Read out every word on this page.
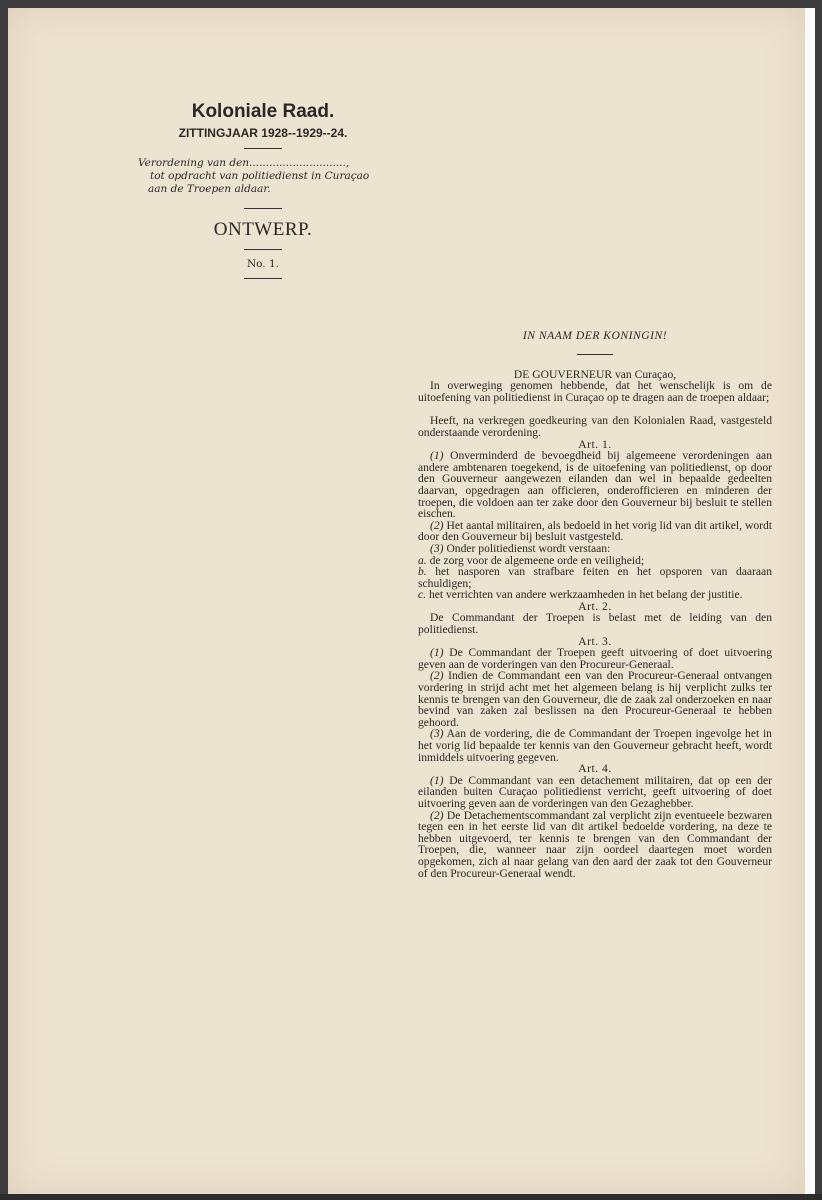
Koloniale Raad.
ZITTINGJAAR 1928--1929--24.
Verordening van den.............................,
tot opdracht van politiedienst in Curaçao
aan de Troepen aldaar.
ONTWERP.
No. 1.

IN NAAM DER KONINGIN!

DE GOUVERNEUR van Curaçao,

In overweging genomen hebbende, dat het wenschelijk is om de uitoefening van politiedienst in Curaçao op te dragen aan de troepen aldaar;

Heeft, na verkregen goedkeuring van den Kolonialen Raad, vastgesteld onderstaande verordening.

Art. 1.

(1) Onverminderd de bevoegdheid bij algemeene verordeningen aan andere ambtenaren toegekend, is de uitoefening van politiedienst, op door den Gouverneur aangewezen eilanden dan wel in bepaalde gedeelten daarvan, opgedragen aan officieren, onderofficieren en minderen der troepen, die voldoen aan ter zake door den Gouverneur bij besluit te stellen eischen.

(2) Het aantal militairen, als bedoeld in het vorig lid van dit artikel, wordt door den Gouverneur bij besluit vastgesteld.

(3) Onder politiedienst wordt verstaan:

a. de zorg voor de algemeene orde en veiligheid;

b. het nasporen van strafbare feiten en het opsporen van daaraan schuldigen;

c. het verrichten van andere werkzaamheden in het belang der justitie.

Art. 2.

De Commandant der Troepen is belast met de leiding van den politiedienst.

Art. 3.

(1) De Commandant der Troepen geeft uitvoering of doet uitvoering geven aan de vorderingen van den Procureur-Generaal.

(2) Indien de Commandant een van den Procureur-Generaal ontvangen vordering in strijd acht met het algemeen belang is hij verplicht zulks ter kennis te brengen van den Gouverneur, die de zaak zal onderzoeken en naar bevind van zaken zal beslissen na den Procureur-Generaal te hebben gehoord.

(3) Aan de vordering, die de Commandant der Troepen ingevolge het in het vorig lid bepaalde ter kennis van den Gouverneur gebracht heeft, wordt inmiddels uitvoering gegeven.

Art. 4.

(1) De Commandant van een detachement militairen, dat op een der eilanden buiten Curaçao politiedienst verricht, geeft uitvoering of doet uitvoering geven aan de vorderingen van den Gezaghebber.

(2) De Detachementscommandant zal verplicht zijn eventueele bezwaren tegen een in het eerste lid van dit artikel bedoelde vordering, na deze te hebben uitgevoerd, ter kennis te brengen van den Commandant der Troepen, die, wanneer naar zijn oordeel daartegen moet worden opgekomen, zich al naar gelang van den aard der zaak tot den Gouverneur of den Procureur-Generaal wendt.
